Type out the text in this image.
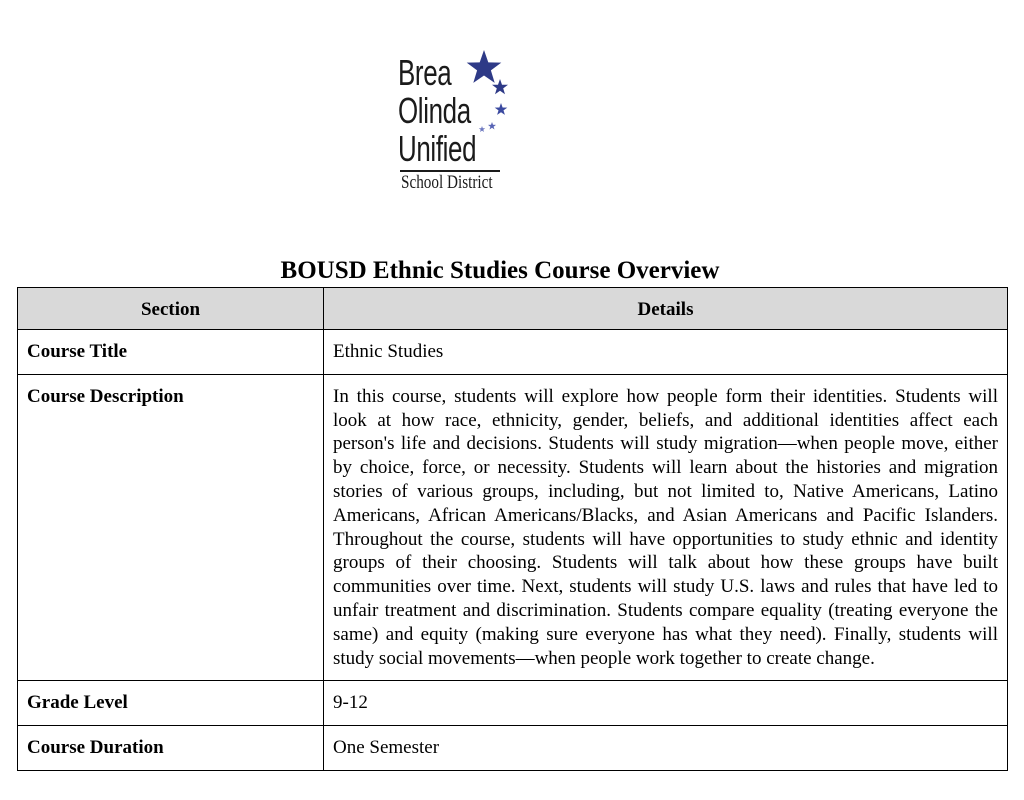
Brea
Olinda
Unified
School District
BOUSD Ethnic Studies Course Overview
Section	Details
Course Title	Ethnic Studies
Course Description	In this course, students will explore how people form their identities. Students will look at how race, ethnicity, gender, beliefs, and additional identities affect each person's life and decisions. Students will study migration—when people move, either by choice, force, or necessity. Students will learn about the histories and migration stories of various groups, including, but not limited to, Native Americans, Latino Americans, African Americans/Blacks, and Asian Americans and Pacific Islanders. Throughout the course, students will have opportunities to study ethnic and identity groups of their choosing. Students will talk about how these groups have built communities over time. Next, students will study U.S. laws and rules that have led to unfair treatment and discrimination. Students compare equality (treating everyone the same) and equity (making sure everyone has what they need). Finally, students will study social movements—when people work together to create change.
Grade Level	9-12
Course Duration	One Semester
